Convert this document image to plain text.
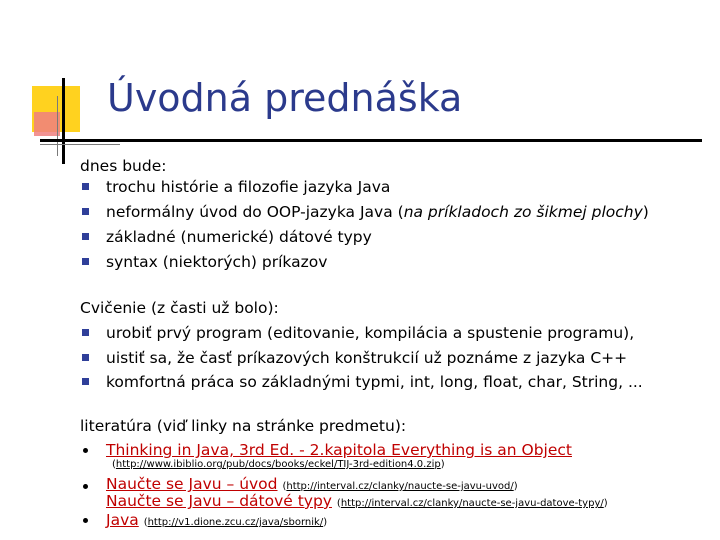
Úvodná prednáška
dnes bude:
trochu histórie a filozofie jazyka Java
neformálny úvod do OOP-jazyka Java (na príkladoch zo šikmej plochy)
základné (numerické) dátové typy
syntax (niektorých) príkazov
Cvičenie (z časti už bolo):
urobiť prvý program (editovanie, kompilácia a spustenie programu),
uistiť sa, že časť príkazových konštrukcií už poznáme z jazyka C++
komfortná práca so základnými typmi, int, long, float, char, String, ...
literatúra (viď linky na stránke predmetu):
Thinking in Java, 3rd Ed. - 2.kapitola Everything is an Object
(http://www.ibiblio.org/pub/docs/books/eckel/TIJ-3rd-edition4.0.zip)
Naučte se Javu – úvod (http://interval.cz/clanky/naucte-se-javu-uvod/)
Naučte se Javu – dátové typy (http://interval.cz/clanky/naucte-se-javu-datove-typy/)
Java (http://v1.dione.zcu.cz/java/sbornik/)
